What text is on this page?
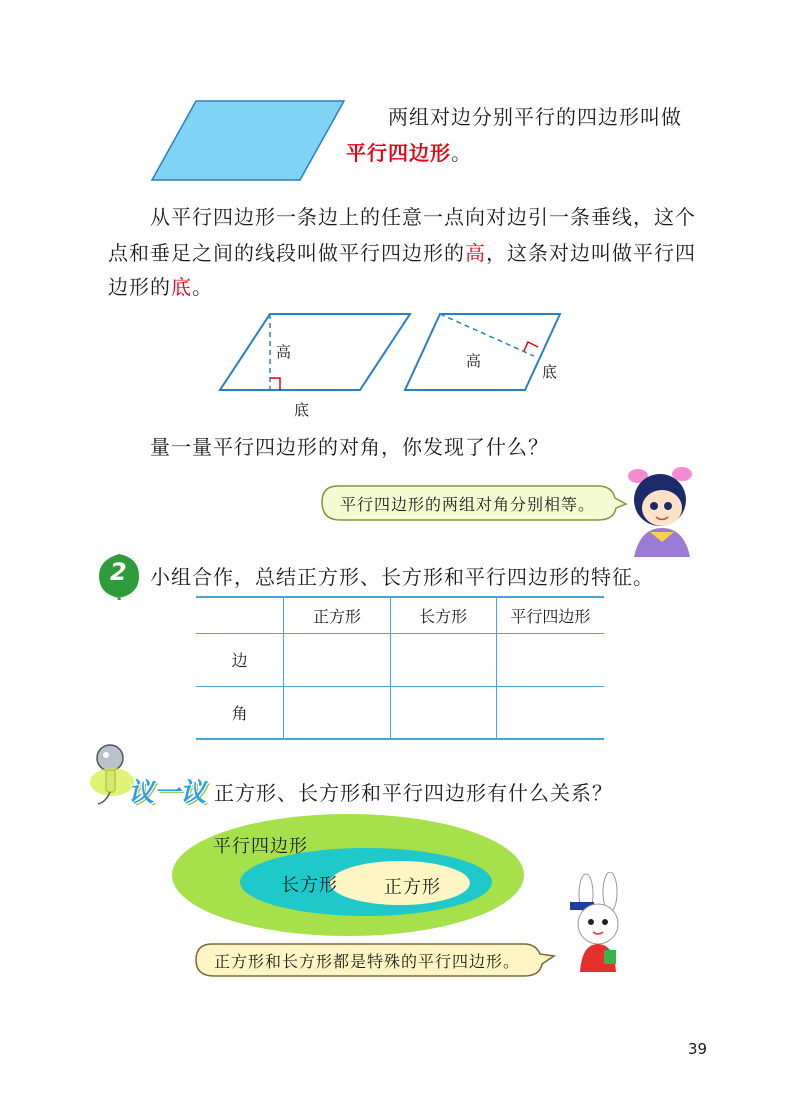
两组对边分别平行的四边形叫做
平行四边形。
从平行四边形一条边上的任意一点向对边引一条垂线，这个
点和垂足之间的线段叫做平行四边形的高，这条对边叫做平行四
边形的底。
高
底
高
底
量一量平行四边形的对角，你发现了什么？
平行四边形的两组对角分别相等。
2 小组合作，总结正方形、长方形和平行四边形的特征。
	正方形	长方形	平行四边形
边			
角			
议一议 正方形、长方形和平行四边形有什么关系？
平行四边形
长方形	正方形
正方形和长方形都是特殊的平行四边形。
39
